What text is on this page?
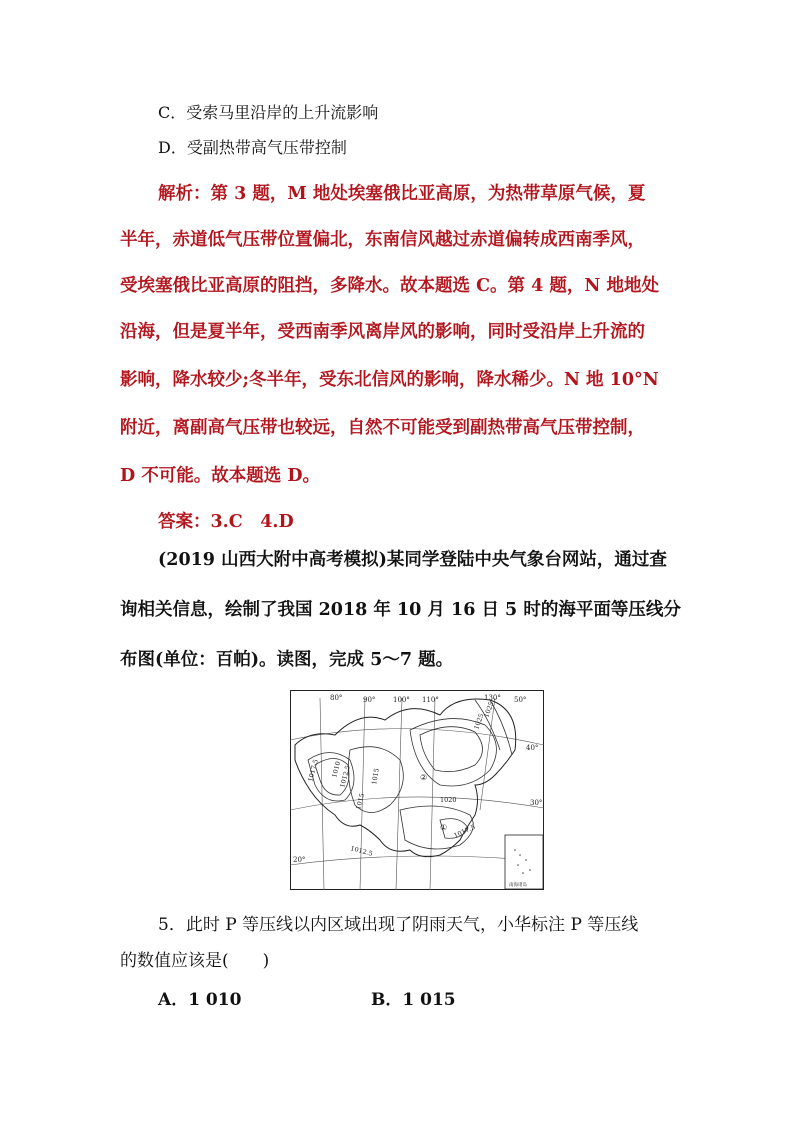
C．受索马里沿岸的上升流影响
D．受副热带高气压带控制
解析：第 3 题，M 地处埃塞俄比亚高原，为热带草原气候，夏
半年，赤道低气压带位置偏北，东南信风越过赤道偏转成西南季风，
受埃塞俄比亚高原的阻挡，多降水。故本题选 C。第 4 题，N 地地处
沿海，但是夏半年，受西南季风离岸风的影响，同时受沿岸上升流的
影响，降水较少;冬半年，受东北信风的影响，降水稀少。N 地 10°N
附近，离副高气压带也较远，自然不可能受到副热带高气压带控制，
D 不可能。故本题选 D。
答案：3.C　4.D
(2019 山西大附中高考模拟)某同学登陆中央气象台网站，通过查
询相关信息，绘制了我国 2018 年 10 月 16 日 5 时的海平面等压线分
布图(单位：百帕)。读图，完成 5～7 题。
80°	90°	100° 110°	130° 50°
40°
30°
20°
1025
1017.5 1010
1012.5	1015
1020
1017.5
1015
1012.5
1025
①
②
南海诸岛
5．此时 P 等压线以内区域出现了阴雨天气，小华标注 P 等压线
的数值应该是(　　)
A．1 010	B．1 015
